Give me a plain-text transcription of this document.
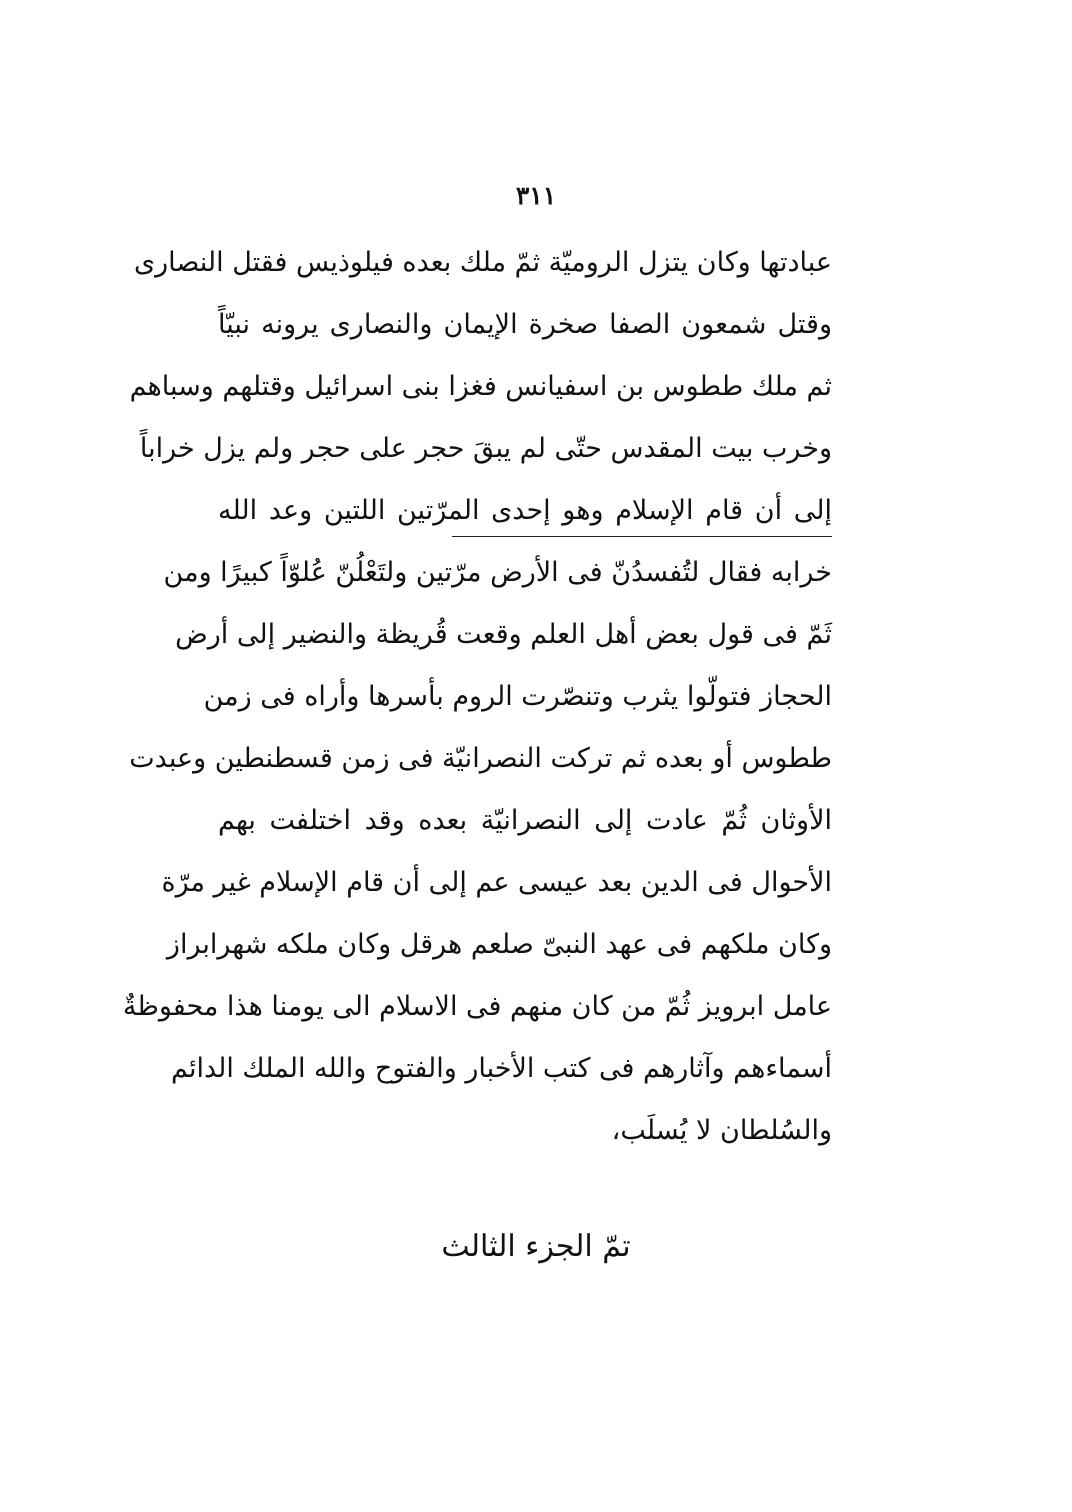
٣١١
عبادتها وكان يتزل الروميّة ثمّ ملك بعده فيلوذيس فقتل النصارى
وقتل شمعون الصفا صخرة الإيمان والنصارى يرونه نبيّاً
ثم ملك ططوس بن اسفيانس فغزا بنى اسرائيل وقتلهم وسباهم
وخرب بيت المقدس حتّى لم يبقَ حجر على حجر ولم يزل خراباً
إلى أن قام الإسلام وهو إحدى المرّتين اللتين وعد الله
خرابه فقال لتُفسدُنّ فى الأرض مرّتين ولتَعْلُنّ عُلوّاً كبيرًا ومن
ثَمّ فى قول بعض أهل العلم وقعت قُريظة والنضير إلى أرض
الحجاز فتولّوا يثرب وتنصّرت الروم بأسرها وأراه فى زمن
ططوس أو بعده ثم تركت النصرانيّة فى زمن قسطنطين وعبدت
الأوثان ثُمّ عادت إلى النصرانيّة بعده وقد اختلفت بهم
الأحوال فى الدين بعد عيسى عم إلى أن قام الإسلام غير مرّة
وكان ملكهم فى عهد النبىّ صلعم هرقل وكان ملكه شهرابراز
عامل ابرويز ثُمّ من كان منهم فى الاسلام الى يومنا هذا محفوظةٌ
أسماءهم وآثارهم فى كتب الأخبار والفتوح والله الملك الدائم
والسُلطان لا يُسلَب،
تمّ الجزء الثالث
